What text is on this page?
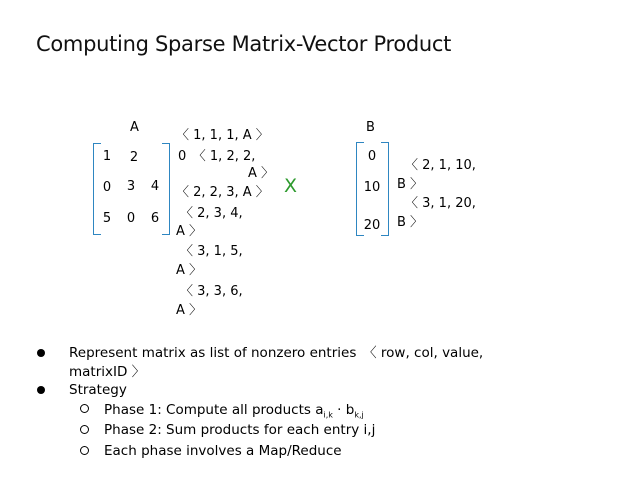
Computing Sparse Matrix-Vector Product
A
1	2
0	3	4
5	0	6
〈 1, 1, 1, A 〉
0　〈 1, 2, 2,
A 〉
〈 2, 2, 3, A 〉
〈 2, 3, 4,
A 〉
〈 3, 1, 5,
A 〉
〈 3, 3, 6,
A 〉
X
B
0
10
20
〈 2, 1, 10,
B 〉
〈 3, 1, 20,
B 〉
Represent matrix as list of nonzero entries　〈 row, col, value,
matrixID 〉
Strategy
Phase 1: Compute all products $a_{i,k} \cdot b_{k,j}$
Phase 2: Sum products for each entry i,j
Each phase involves a Map/Reduce
